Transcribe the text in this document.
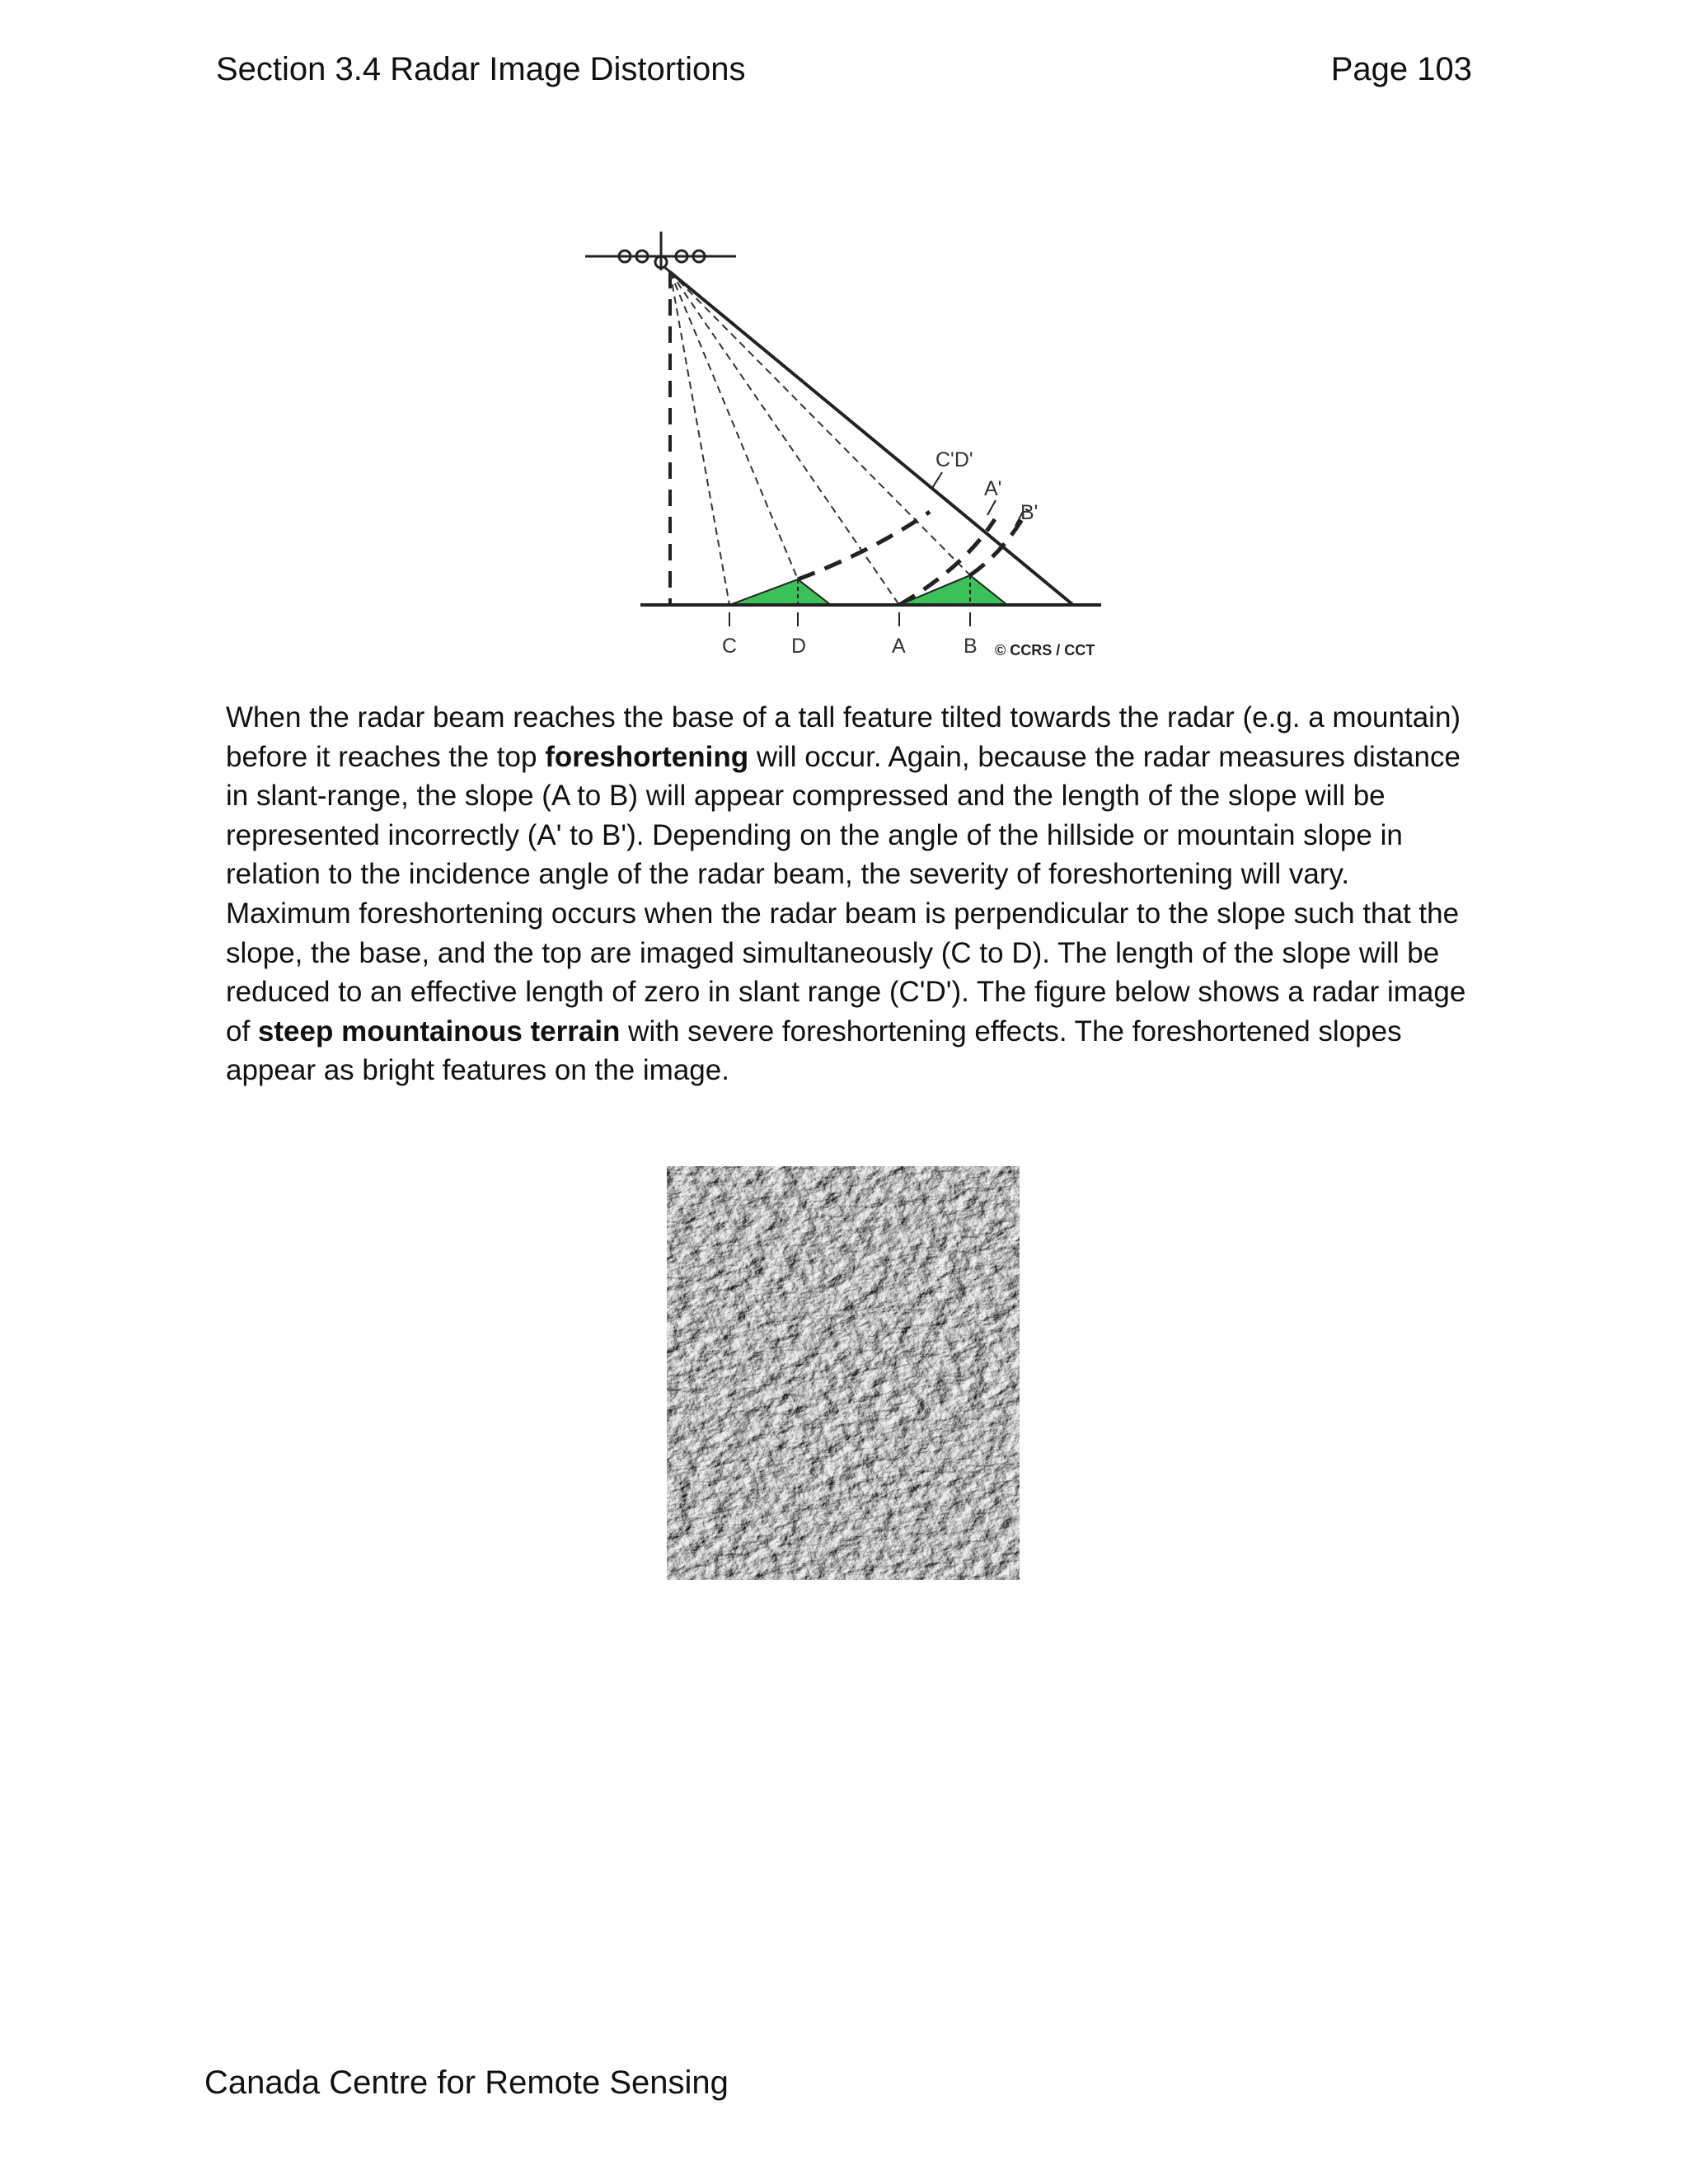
Section 3.4 Radar Image Distortions	Page 103
C'D'
A'
B'
C	D	A	B © CCRS / CCT

When the radar beam reaches the base of a tall feature tilted towards the radar (e.g. a mountain) before it reaches the top foreshortening will occur. Again, because the radar measures distance in slant-range, the slope (A to B) will appear compressed and the length of the slope will be represented incorrectly (A' to B'). Depending on the angle of the hillside or mountain slope in relation to the incidence angle of the radar beam, the severity of foreshortening will vary. Maximum foreshortening occurs when the radar beam is perpendicular to the slope such that the slope, the base, and the top are imaged simultaneously (C to D). The length of the slope will be reduced to an effective length of zero in slant range (C'D'). The figure below shows a radar image of steep mountainous terrain with severe foreshortening effects. The foreshortened slopes appear as bright features on the image.

Canada Centre for Remote Sensing
